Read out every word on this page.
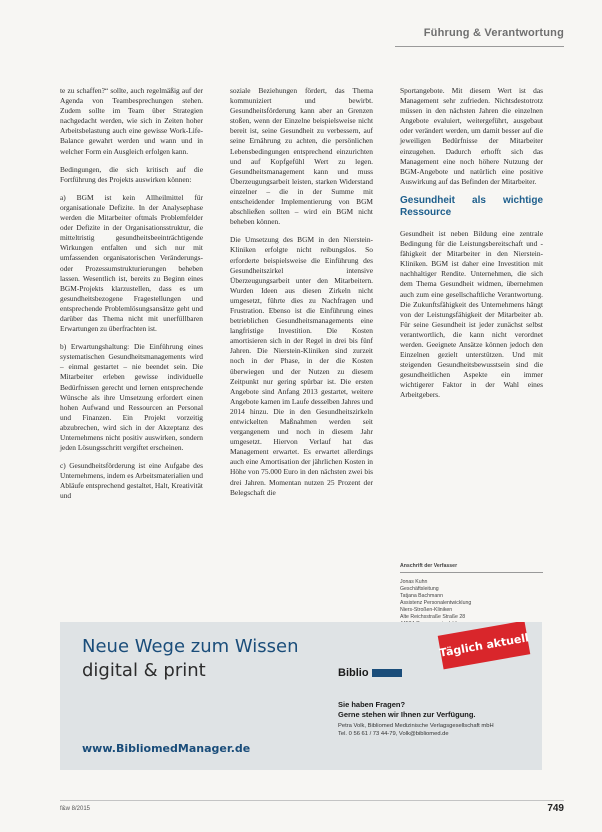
Führung & Verantwortung

te zu schaffen?“ sollte, auch regelmäßig auf der Agenda von Teambesprechungen stehen. Zudem sollte im Team über Strategien nachgedacht werden, wie sich in Zeiten hoher Arbeitsbelastung auch eine gewisse Work-Life-Balance gewahrt werden und wann und in welcher Form ein Ausgleich erfolgen kann.

Bedingungen, die sich kritisch auf die Fortführung des Projekts auswirken können:

a) BGM ist kein Allheilmittel für organisationale Defizite. In der Analysephase werden die Mitarbeiter oftmals Problemfelder oder Defizite in der Organisationsstruktur, die mitteltristig gesundheitsbeeinträchtigende Wirkungen entfalten und sich nur mit umfassenden organisatorischen Veränderungs- oder Prozessumstrukturierungen beheben lassen. Wesentlich ist, bereits zu Beginn eines BGM-Projekts klarzustellen, dass es um gesundheitsbezogene Fragestellungen und entsprechende Problemlösungsansätze geht und darüber das Thema nicht mit unerfüllbaren Erwartungen zu überfrachten ist.

b) Erwartungshaltung: Die Einführung eines systematischen Gesundheitsmanagements wird – einmal gestartet – nie beendet sein. Die Mitarbeiter erleben gewisse individuelle Bedürfnissen gerecht und lernen entsprechende Wünsche als ihre Umsetzung erfordert einen hohen Aufwand und Ressourcen an Personal und Finanzen. Ein Projekt vorzeitig abzubrechen, wird sich in der Akzeptanz des Unternehmens nicht positiv auswirken, sondern jeden Lösungsschritt vergiftet erscheinen.

c) Gesundheitsförderung ist eine Aufgabe des Unternehmens, indem es Arbeitsmaterialien und Abläufe entsprechend gestaltet, Halt, Kreativität und

soziale Beziehungen fördert, das Thema kommuniziert und bewirbt. Gesundheitsförderung kann aber an Grenzen stoßen, wenn der Einzelne beispielsweise nicht bereit ist, seine Gesundheit zu verbessern, auf seine Ernährung zu achten, die persönlichen Lebensbedingungen entsprechend einzurichten und auf Kopfgefühl Wert zu legen. Gesundheitsmanagement kann und muss Überzeugungsarbeit leisten, starken Widerstand einzelner – die in der Summe mit entscheidender Implementierung von BGM abschließen sollten – wird ein BGM nicht beheben können.

Die Umsetzung des BGM in den Nierstein-Kliniken erfolgte nicht reibungslos. So erforderte beispielsweise die Einführung des Gesundheitszirkel intensive Überzeugungsarbeit unter den Mitarbeitern. Wurden Ideen aus diesen Zirkeln nicht umgesetzt, führte dies zu Nachfragen und Frustration. Ebenso ist die Einführung eines betrieblichen Gesundheitsmanagements eine langfristige Investition. Die Kosten amortisieren sich in der Regel in drei bis fünf Jahren. Die Nierstein-Kliniken sind zurzeit noch in der Phase, in der die Kosten überwiegen und der Nutzen zu diesem Zeitpunkt nur gering spürbar ist. Die ersten Angebote sind Anfang 2013 gestartet, weitere Angebote kamen im Laufe desselben Jahres und 2014 hinzu. Die in den Gesundheitszirkeln entwickelten Maßnahmen werden seit vergangenem und noch in diesem Jahr umgesetzt. Hiervon Verlauf hat das Management erwartet. Es erwartet allerdings auch eine Amortisation der jährlichen Kosten in Höhe von 75.000 Euro in den nächsten zwei bis drei Jahren. Momentan nutzen 25 Prozent der Belegschaft die

Sportangebote. Mit diesem Wert ist das Management sehr zufrieden. Nichtsdestotrotz müssen in den nächsten Jahren die einzelnen Angebote evaluiert, weitergeführt, ausgebaut oder verändert werden, um damit besser auf die jeweiligen Bedürfnisse der Mitarbeiter einzugehen. Dadurch erhofft sich das Management eine noch höhere Nutzung der BGM-Angebote und natürlich eine positive Auswirkung auf das Befinden der Mitarbeiter.

Gesundheit als wichtige Ressource

Gesundheit ist neben Bildung eine zentrale Bedingung für die Leistungsbereitschaft und -fähigkeit der Mitarbeiter in den Nierstein-Kliniken. BGM ist daher eine Investition mit nachhaltiger Rendite. Unternehmen, die sich dem Thema Gesundheit widmen, übernehmen auch zum eine gesellschaftliche Verantwortung. Die Zukunftsfähigkeit des Unternehmens hängt von der Leistungsfähigkeit der Mitarbeiter ab. Für seine Gesundheit ist jeder zunächst selbst verantwortlich, die kann nicht verordnet werden. Geeignete Ansätze können jedoch den Einzelnen gezielt unterstützen. Und mit steigenden Gesundheitsbewusstsein sind die gesundheitlichen Aspekte ein immer wichtigerer Faktor in der Wahl eines Arbeitgebers.

Anschrift der Verfasser
Jonas Kuhn
Geschäftsleitung
Tatjana Bachmann
Assistenz Personalentwicklung
Niers-Stroßen-Kliniken
Alte Reichsstraße Straße 28
Neue Wege zum Wissen
digital & print
www.BibliomedManager.de
Täglich aktuell
Biblio
Sie haben Fragen?
Gerne stehen wir Ihnen zur Verfügung.
Petra Volk, Bibliomed Medizinische Verlagsgesellschaft mbH
Tel. 0 56 61 / 73 44-79, Volk@bibliomed.de
f&w 8/2015	749
